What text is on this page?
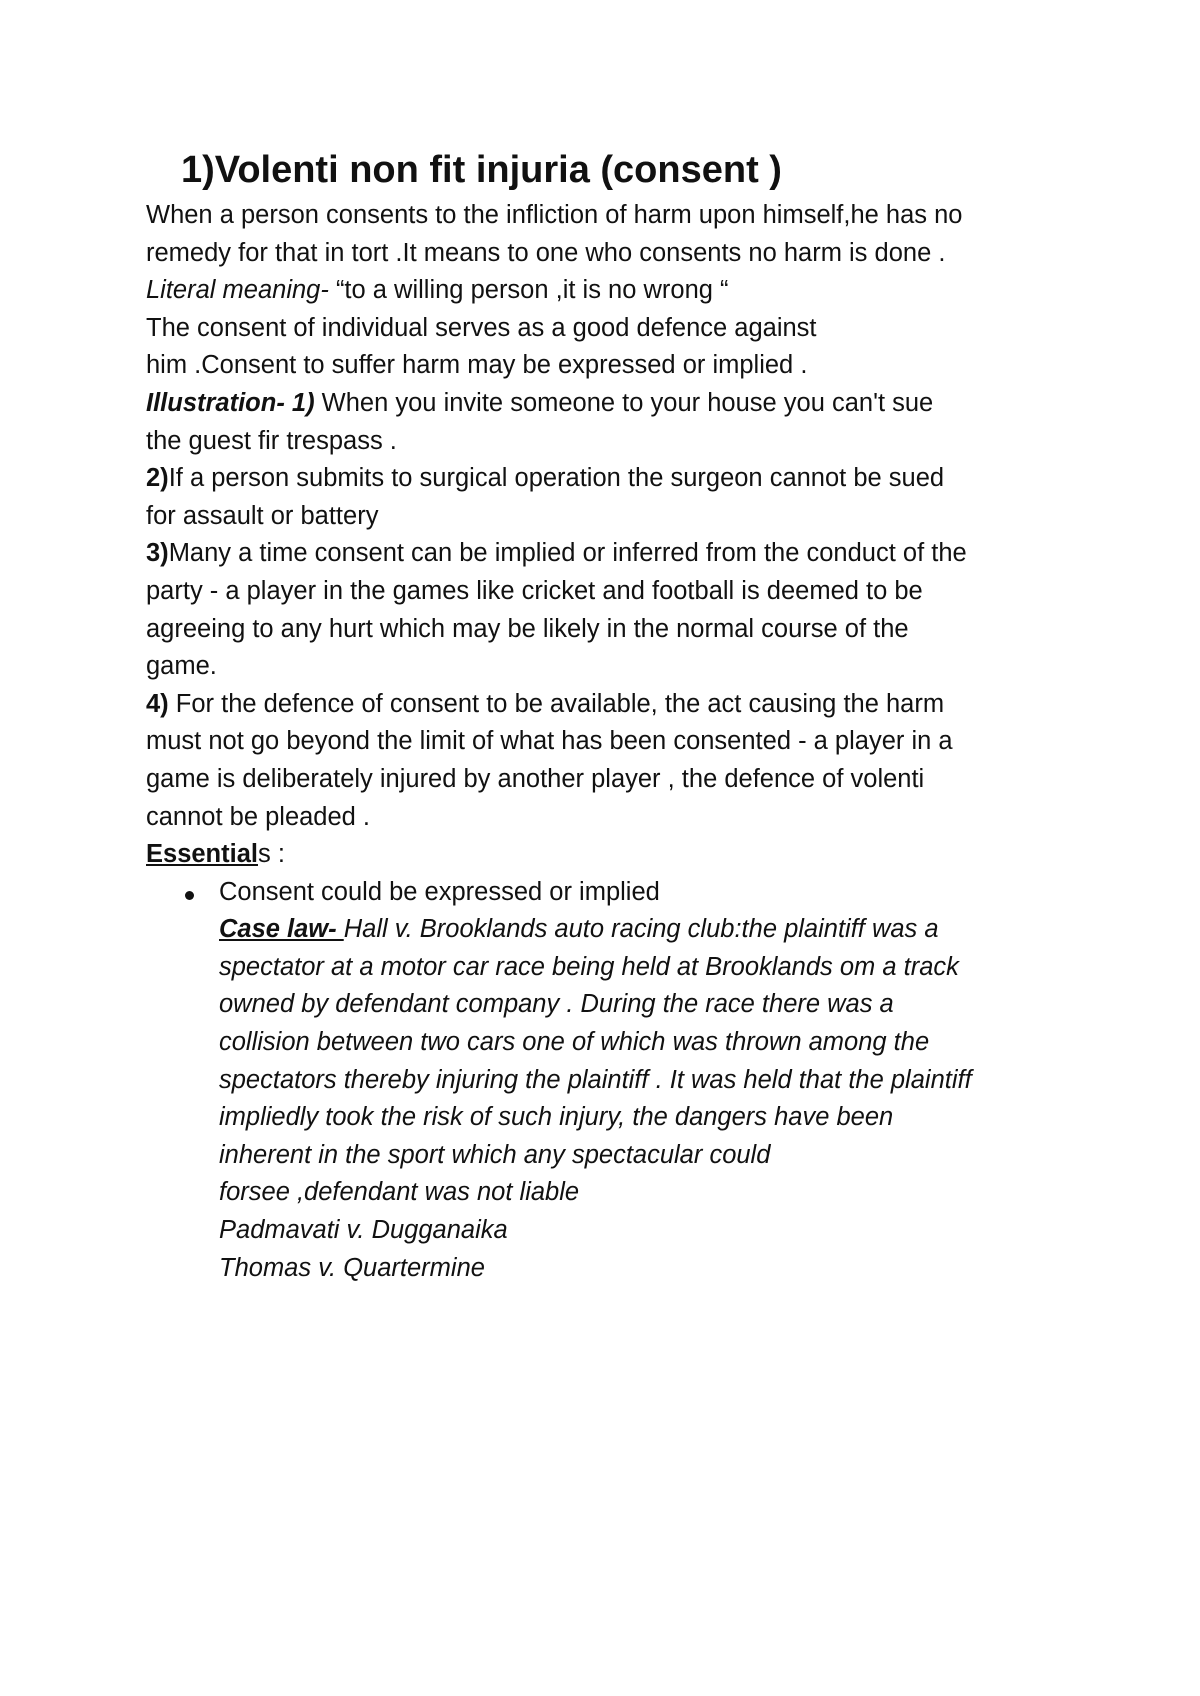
1)Volenti non fit injuria (consent )
When a person consents to the infliction of harm upon himself,he has no
remedy for that in tort .It means to one who consents no harm is done .
Literal meaning- “to a willing person ,it is no wrong “
The consent of individual serves as a good defence against
him .Consent to suffer harm may be expressed or implied .
Illustration- 1) When you invite someone to your house you can't sue
the guest fir trespass .
2)If a person submits to surgical operation the surgeon cannot be sued
for assault or battery
3)Many a time consent can be implied or inferred from the conduct of the
party - a player in the games like cricket and football is deemed to be
agreeing to any hurt which may be likely in the normal course of the
game.
4) For the defence of consent to be available, the act causing the harm
must not go beyond the limit of what has been consented - a player in a
game is deliberately injured by another player , the defence of volenti
cannot be pleaded .
Essentials :
Consent could be expressed or implied
Case law- Hall v. Brooklands auto racing club:the plaintiff was a
spectator at a motor car race being held at Brooklands om a track
owned by defendant company . During the race there was a
collision between two cars one of which was thrown among the
spectators thereby injuring the plaintiff . It was held that the plaintiff
impliedly took the risk of such injury, the dangers have been
inherent in the sport which any spectacular could
forsee ,defendant was not liable
Padmavati v. Dugganaika
Thomas v. Quartermine
